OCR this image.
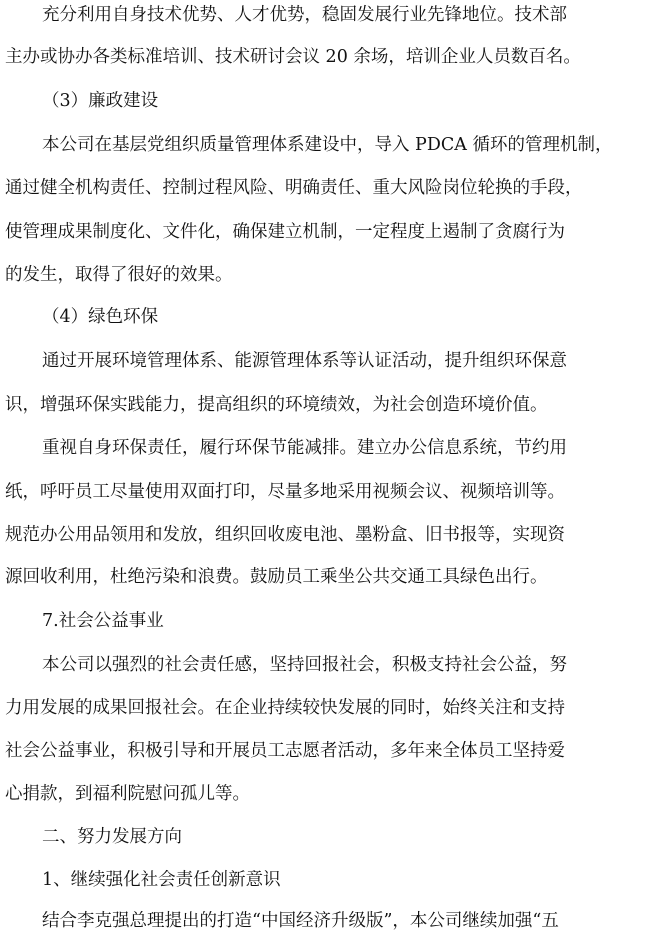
充分利用自身技术优势、人才优势，稳固发展行业先锋地位。技术部
主办或协办各类标准培训、技术研讨会议 20 余场，培训企业人员数百名。
（3）廉政建设
本公司在基层党组织质量管理体系建设中，导入 PDCA 循环的管理机制，
通过健全机构责任、控制过程风险、明确责任、重大风险岗位轮换的手段，
使管理成果制度化、文件化，确保建立机制，一定程度上遏制了贪腐行为
的发生，取得了很好的效果。
（4）绿色环保
通过开展环境管理体系、能源管理体系等认证活动，提升组织环保意
识，增强环保实践能力，提高组织的环境绩效，为社会创造环境价值。
重视自身环保责任，履行环保节能减排。建立办公信息系统，节约用
纸，呼吁员工尽量使用双面打印，尽量多地采用视频会议、视频培训等。
规范办公用品领用和发放，组织回收废电池、墨粉盒、旧书报等，实现资
源回收利用，杜绝污染和浪费。鼓励员工乘坐公共交通工具绿色出行。
7.社会公益事业
本公司以强烈的社会责任感，坚持回报社会，积极支持社会公益，努
力用发展的成果回报社会。在企业持续较快发展的同时，始终关注和支持
社会公益事业，积极引导和开展员工志愿者活动，多年来全体员工坚持爱
心捐款，到福利院慰问孤儿等。
二、努力发展方向
1、继续强化社会责任创新意识
结合李克强总理提出的打造“中国经济升级版”，本公司继续加强“五
